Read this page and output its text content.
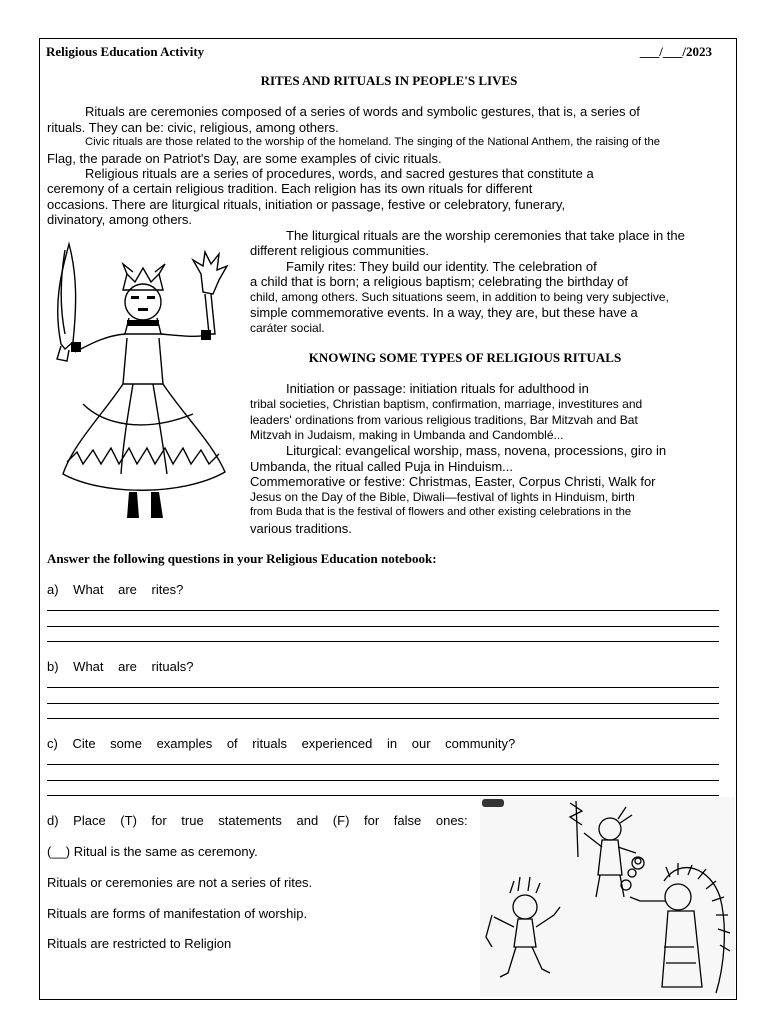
Religious Education Activity	___/___/2023
RITES AND RITUALS IN PEOPLE'S LIVES
Rituals are ceremonies composed of a series of words and symbolic gestures, that is, a series of
rituals. They can be: civic, religious, among others.
Civic rituals are those related to the worship of the homeland. The singing of the National Anthem, the raising of the
Flag, the parade on Patriot's Day, are some examples of civic rituals.
Religious rituals are a series of procedures, words, and sacred gestures that constitute a
ceremony of a certain religious tradition. Each religion has its own rituals for different
occasions. There are liturgical rituals, initiation or passage, festive or celebratory, funerary,
divinatory, among others.
The liturgical rituals are the worship ceremonies that take place in the
different religious communities.
Family rites: They build our identity. The celebration of
a child that is born; a religious baptism; celebrating the birthday of
child, among others. Such situations seem, in addition to being very subjective,
simple commemorative events. In a way, they are, but these have a
caráter social.
KNOWING SOME TYPES OF RELIGIOUS RITUALS
Initiation or passage: initiation rituals for adulthood in
tribal societies, Christian baptism, confirmation, marriage, investitures and
leaders' ordinations from various religious traditions, Bar Mitzvah and Bat
Mitzvah in Judaism, making in Umbanda and Candomblé...
Liturgical: evangelical worship, mass, novena, processions, giro in
Umbanda, the ritual called Puja in Hinduism...
Commemorative or festive: Christmas, Easter, Corpus Christi, Walk for
Jesus on the Day of the Bible, Diwali—festival of lights in Hinduism, birth
from Buda that is the festival of flowers and other existing celebrations in the
various traditions.
Answer the following questions in your Religious Education notebook:
a) What are rites?
b) What are rituals?
c) Cite some examples of rituals experienced in our community?
d) Place (T) for true statements and (F) for false ones:
(__) Ritual is the same as ceremony.
Rituals or ceremonies are not a series of rites.
Rituals are forms of manifestation of worship.
Rituals are restricted to Religion
